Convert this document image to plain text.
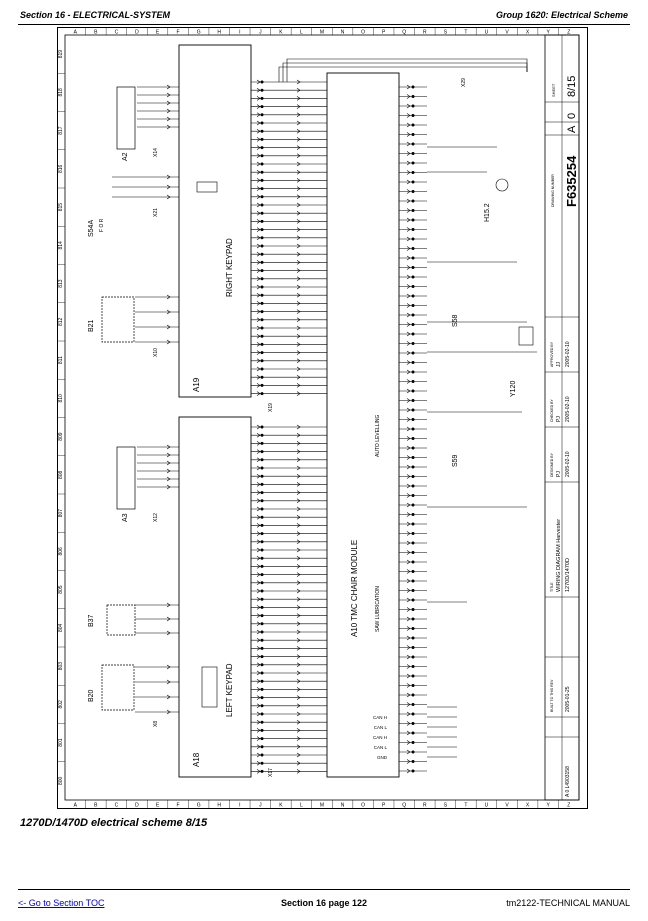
Section 16 - ELECTRICAL-SYSTEM	Group 1620: Electrical Scheme
A	B	C	D	E	F	G	H	I	J	K	L	M	N	O	P	Q	R	S	T	U	V	X	Y	Z
A	B	C	D	E	F	G	H	I	J	K	L	M	N	O	P	Q	R	S	T	U	V	X	Y	Z
819
818
817
816
815
814
813
812
811
810
809
808
807
806
805
804
803
802
801
800
RIGHT KEYPAD
A19
LEFT KEYPAD
A18
A10 TMC CHAIR MODULE	SAW LUBRICATION
AUTO LEVELLING
A2	X14
A3	X12
B21
X10
B37
B20
X8
S54A F O R
X21
X19
X17
X29
S58
S59
Y120
H15.2
CAN H
CAN L
CAN H
CAN L
GND
8/15
SHEET
0
A
F635254
DRAWING NUMBER
TITLE WIRING DIAGRAM Harvester 1270D/1470D
DESIGNED BY PJ 2005-02-10
CHECKED BY PJ 2005-02-10
APPROVED BY JJ 2005-02-10
BUILT TO THIS REV 2005-01-25
A 0 L4903158
1270D/1470D electrical scheme 8/15
<- Go to Section TOC	Section 16 page 122	tm2122-TECHNICAL MANUAL
